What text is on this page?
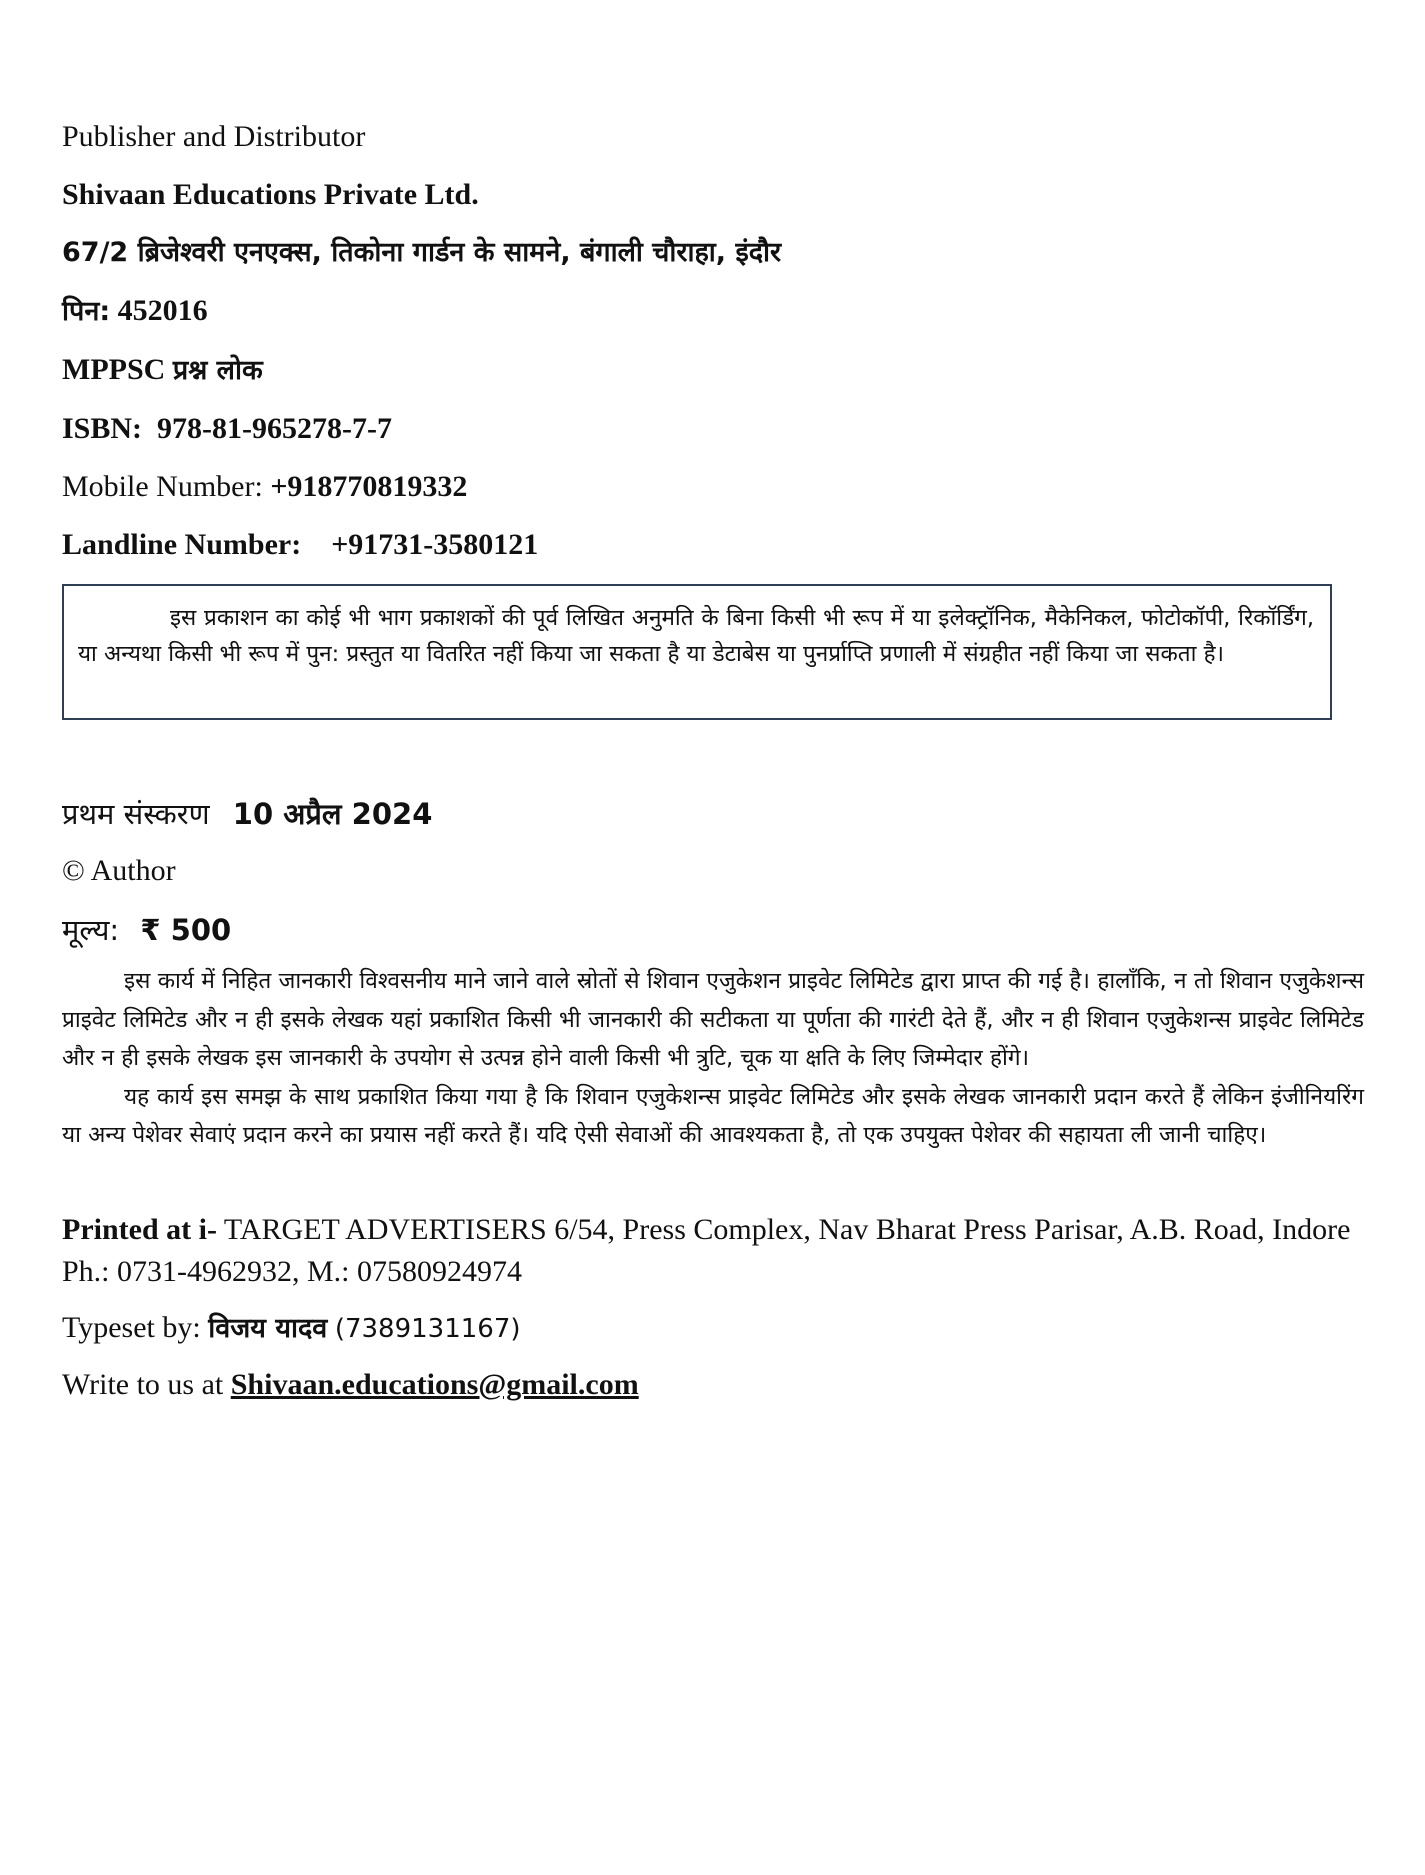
Publisher and Distributor
Shivaan Educations Private Ltd.
67/2 ब्रिजेश्वरी एनएक्स, तिकोना गार्डन के सामने, बंगाली चौराहा, इंदौर
पिन: 452016
MPPSC प्रश्न लोक
ISBN: 978-81-965278-7-7
Mobile Number: +918770819332
Landline Number: +91731-3580121
इस प्रकाशन का कोई भी भाग प्रकाशकों की पूर्व लिखित अनुमति के बिना किसी भी रूप में या इलेक्ट्रॉनिक, मैकेनिकल, फोटोकॉपी, रिकॉर्डिंग, या अन्यथा किसी भी रूप में पुन: प्रस्तुत या वितरित नहीं किया जा सकता है या डेटाबेस या पुनर्प्राप्ति प्रणाली में संग्रहीत नहीं किया जा सकता है।
प्रथम संस्करण 10 अप्रैल 2024
© Author
मूल्य: ₹ 500

इस कार्य में निहित जानकारी विश्वसनीय माने जाने वाले स्रोतों से शिवान एजुकेशन प्राइवेट लिमिटेड द्वारा प्राप्त की गई है। हालाँकि, न तो शिवान एजुकेशन्स प्राइवेट लिमिटेड और न ही इसके लेखक यहां प्रकाशित किसी भी जानकारी की सटीकता या पूर्णता की गारंटी देते हैं, और न ही शिवान एजुकेशन्स प्राइवेट लिमिटेड और न ही इसके लेखक इस जानकारी के उपयोग से उत्पन्न होने वाली किसी भी त्रुटि, चूक या क्षति के लिए जिम्मेदार होंगे।

यह कार्य इस समझ के साथ प्रकाशित किया गया है कि शिवान एजुकेशन्स प्राइवेट लिमिटेड और इसके लेखक जानकारी प्रदान करते हैं लेकिन इंजीनियरिंग या अन्य पेशेवर सेवाएं प्रदान करने का प्रयास नहीं करते हैं। यदि ऐसी सेवाओं की आवश्यकता है, तो एक उपयुक्त पेशेवर की सहायता ली जानी चाहिए।

Printed at i- TARGET ADVERTISERS 6/54, Press Complex, Nav Bharat Press Parisar, A.B. Road, Indore Ph.: 0731-4962932, M.: 07580924974
Typeset by: विजय यादव (7389131167)
Write to us at Shivaan.educations@gmail.com
